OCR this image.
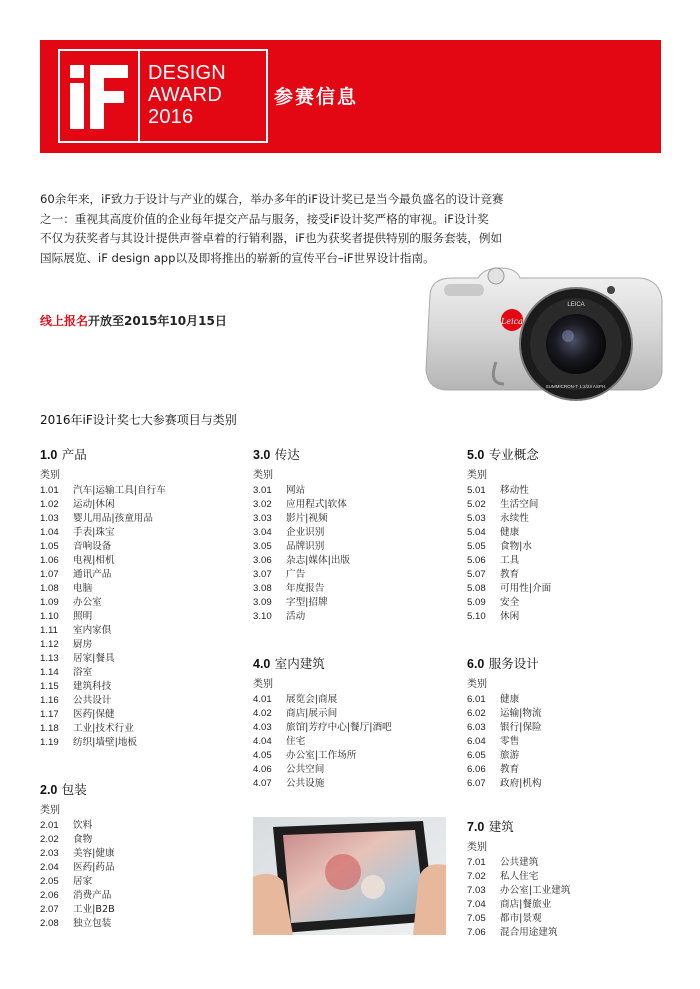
DESIGN
AWARD
2016
参赛信息
60余年来，iF致力于设计与产业的媒合，举办多年的iF设计奖已是当今最负盛名的设计竞赛
之一：重视其高度价值的企业每年提交产品与服务，接受iF设计奖严格的审视。iF设计奖
不仅为获奖者与其设计提供声誉卓着的行销利器，iF也为获奖者提供特别的服务套装，例如
国际展览、iF design app以及即将推出的崭新的宣传平台–iF世界设计指南。
Leica
LEICA
SUMMICRON-T 1:2/23 ASPH.
线上报名开放至2015年10月15日
2016年iF设计奖七大参赛项目与类别
1.0 产品
类别
1.01	汽车|运输工具|自行车
1.02	运动|休闲
1.03	婴儿用品|孩童用品
1.04	手表|珠宝
1.05	音响设备
1.06	电视|相机
1.07	通讯产品
1.08	电脑
1.09	办公室
1.10	照明
1.11	室内家俱
1.12	厨房
1.13	居家|餐具
1.14	浴室
1.15	建筑科技
1.16	公共设计
1.17	医药|保健
1.18	工业|技术行业
1.19	纺织|墙壁|地板
2.0 包装
类别
2.01	饮料
2.02	食物
2.03	美容|健康
2.04	医药|药品
2.05	居家
2.06	消费产品
2.07	工业|B2B
2.08	独立包装
3.0 传达
类别
3.01	网站
3.02	应用程式|软体
3.03	影片|视频
3.04	企业识别
3.05	品牌识别
3.06	杂志|媒体|出版
3.07	广告
3.08	年度报告
3.09	字型|招牌
3.10	活动
4.0 室内建筑
类别
4.01	展览会|商展
4.02	商店|展示间
4.03	旅馆|芳疗中心|餐厅|酒吧
4.04	住宅
4.05	办公室|工作场所
4.06	公共空间
4.07	公共设施
5.0 专业概念
类别
5.01	移动性
5.02	生活空间
5.03	永续性
5.04	健康
5.05	食物|水
5.06	工具
5.07	教育
5.08	可用性|介面
5.09	安全
5.10	休闲
6.0 服务设计
类别
6.01	健康
6.02	运输|物流
6.03	银行|保险
6.04	零售
6.05	旅游
6.06	教育
6.07	政府|机构
7.0 建筑
类别
7.01	公共建筑
7.02	私人住宅
7.03	办公室|工业建筑
7.04	商店|餐旅业
7.05	都市|景观
7.06	混合用途建筑
